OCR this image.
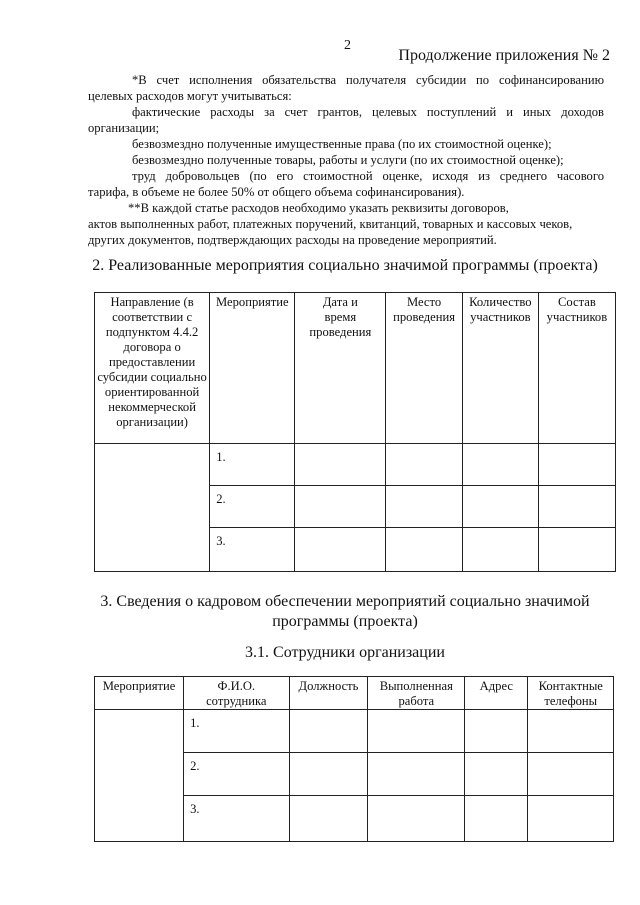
2
Продолжение приложения № 2

*В счет исполнения обязательства получателя субсидии по софинансированию

целевых расходов могут учитываться:

фактические расходы за счет грантов, целевых поступлений и иных доходов

организации;

безвозмездно полученные имущественные права (по их стоимостной оценке);

безвозмездно полученные товары, работы и услуги (по их стоимостной оценке);

труд добровольцев (по его стоимостной оценке, исходя из среднего часового

тарифа, в объеме не более 50% от общего объема софинансирования).

**В каждой статье расходов необходимо указать реквизиты договоров,

актов выполненных работ, платежных поручений, квитанций, товарных и кассовых чеков,

других документов, подтверждающих расходы на проведение мероприятий.

2. Реализованные мероприятия социально значимой программы (проекта)
Направление (в соответствии с подпунктом 4.4.2 договора о предоставлении субсидии социально ориентированной некоммерческой организации)	Мероприятие	Дата и время проведения	Место проведения	Количество участников	Состав участников
	1.				
	2.				
	3.				
3. Сведения о кадровом обеспечении мероприятий социально значимой
программы (проекта)
3.1. Сотрудники организации
Мероприятие	Ф.И.О. сотрудника	Должность	Выполненная работа	Адрес	Контактные телефоны
	1.				
	2.				
	3.				
